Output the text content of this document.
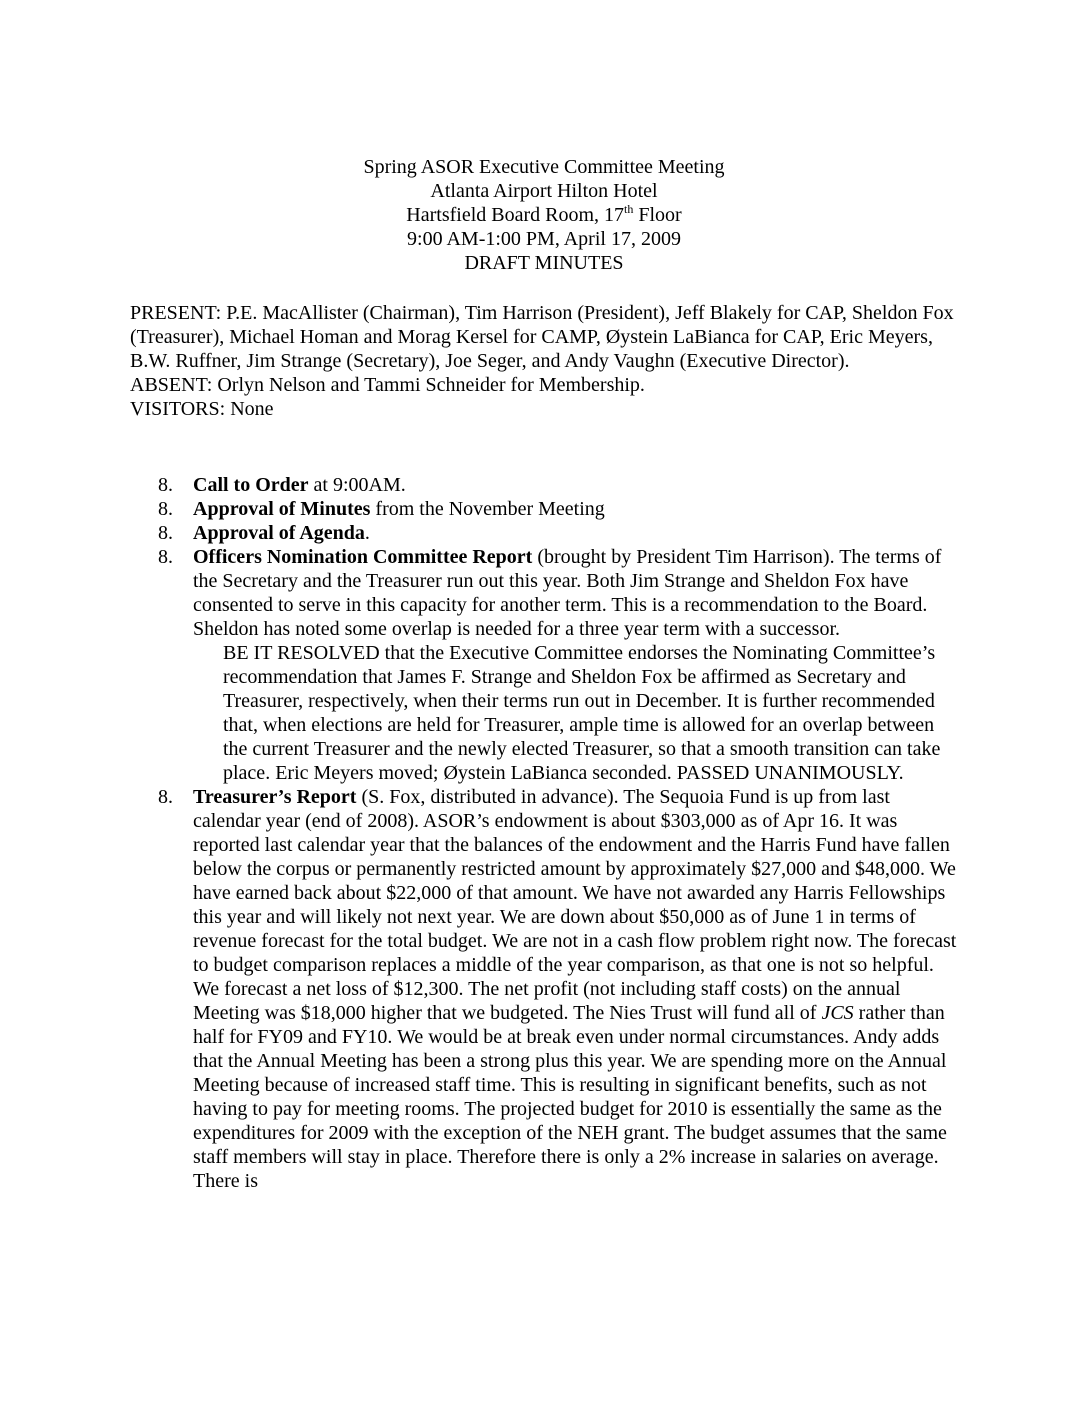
Spring ASOR Executive Committee Meeting
Atlanta Airport Hilton Hotel
Hartsfield Board Room, 17th Floor
9:00 AM-1:00 PM, April 17, 2009
DRAFT MINUTES

PRESENT: P.E. MacAllister (Chairman), Tim Harrison (President), Jeff Blakely for CAP, Sheldon Fox (Treasurer), Michael Homan and Morag Kersel for CAMP, Øystein LaBianca for CAP, Eric Meyers, B.W. Ruffner, Jim Strange (Secretary), Joe Seger, and Andy Vaughn (Executive Director).

ABSENT: Orlyn Nelson and Tammi Schneider for Membership.

VISITORS: None

8. Call to Order at 9:00AM.
8. Approval of Minutes from the November Meeting
8. Approval of Agenda.
8. Officers Nomination Committee Report (brought by President Tim Harrison). The terms of the Secretary and the Treasurer run out this year. Both Jim Strange and Sheldon Fox have consented to serve in this capacity for another term. This is a recommendation to the Board. Sheldon has noted some overlap is needed for a three year term with a successor.
BE IT RESOLVED that the Executive Committee endorses the Nominating Committee’s recommendation that James F. Strange and Sheldon Fox be affirmed as Secretary and Treasurer, respectively, when their terms run out in December. It is further recommended that, when elections are held for Treasurer, ample time is allowed for an overlap between the current Treasurer and the newly elected Treasurer, so that a smooth transition can take place. Eric Meyers moved; Øystein LaBianca seconded. PASSED UNANIMOUSLY.
8. Treasurer’s Report (S. Fox, distributed in advance). The Sequoia Fund is up from last calendar year (end of 2008). ASOR’s endowment is about $303,000 as of Apr 16. It was reported last calendar year that the balances of the endowment and the Harris Fund have fallen below the corpus or permanently restricted amount by approximately $27,000 and $48,000. We have earned back about $22,000 of that amount. We have not awarded any Harris Fellowships this year and will likely not next year. We are down about $50,000 as of June 1 in terms of revenue forecast for the total budget. We are not in a cash flow problem right now. The forecast to budget comparison replaces a middle of the year comparison, as that one is not so helpful. We forecast a net loss of $12,300. The net profit (not including staff costs) on the annual Meeting was $18,000 higher that we budgeted. The Nies Trust will fund all of JCS rather than half for FY09 and FY10. We would be at break even under normal circumstances. Andy adds that the Annual Meeting has been a strong plus this year. We are spending more on the Annual Meeting because of increased staff time. This is resulting in significant benefits, such as not having to pay for meeting rooms. The projected budget for 2010 is essentially the same as the expenditures for 2009 with the exception of the NEH grant. The budget assumes that the same staff members will stay in place. Therefore there is only a 2% increase in salaries on average. There is
